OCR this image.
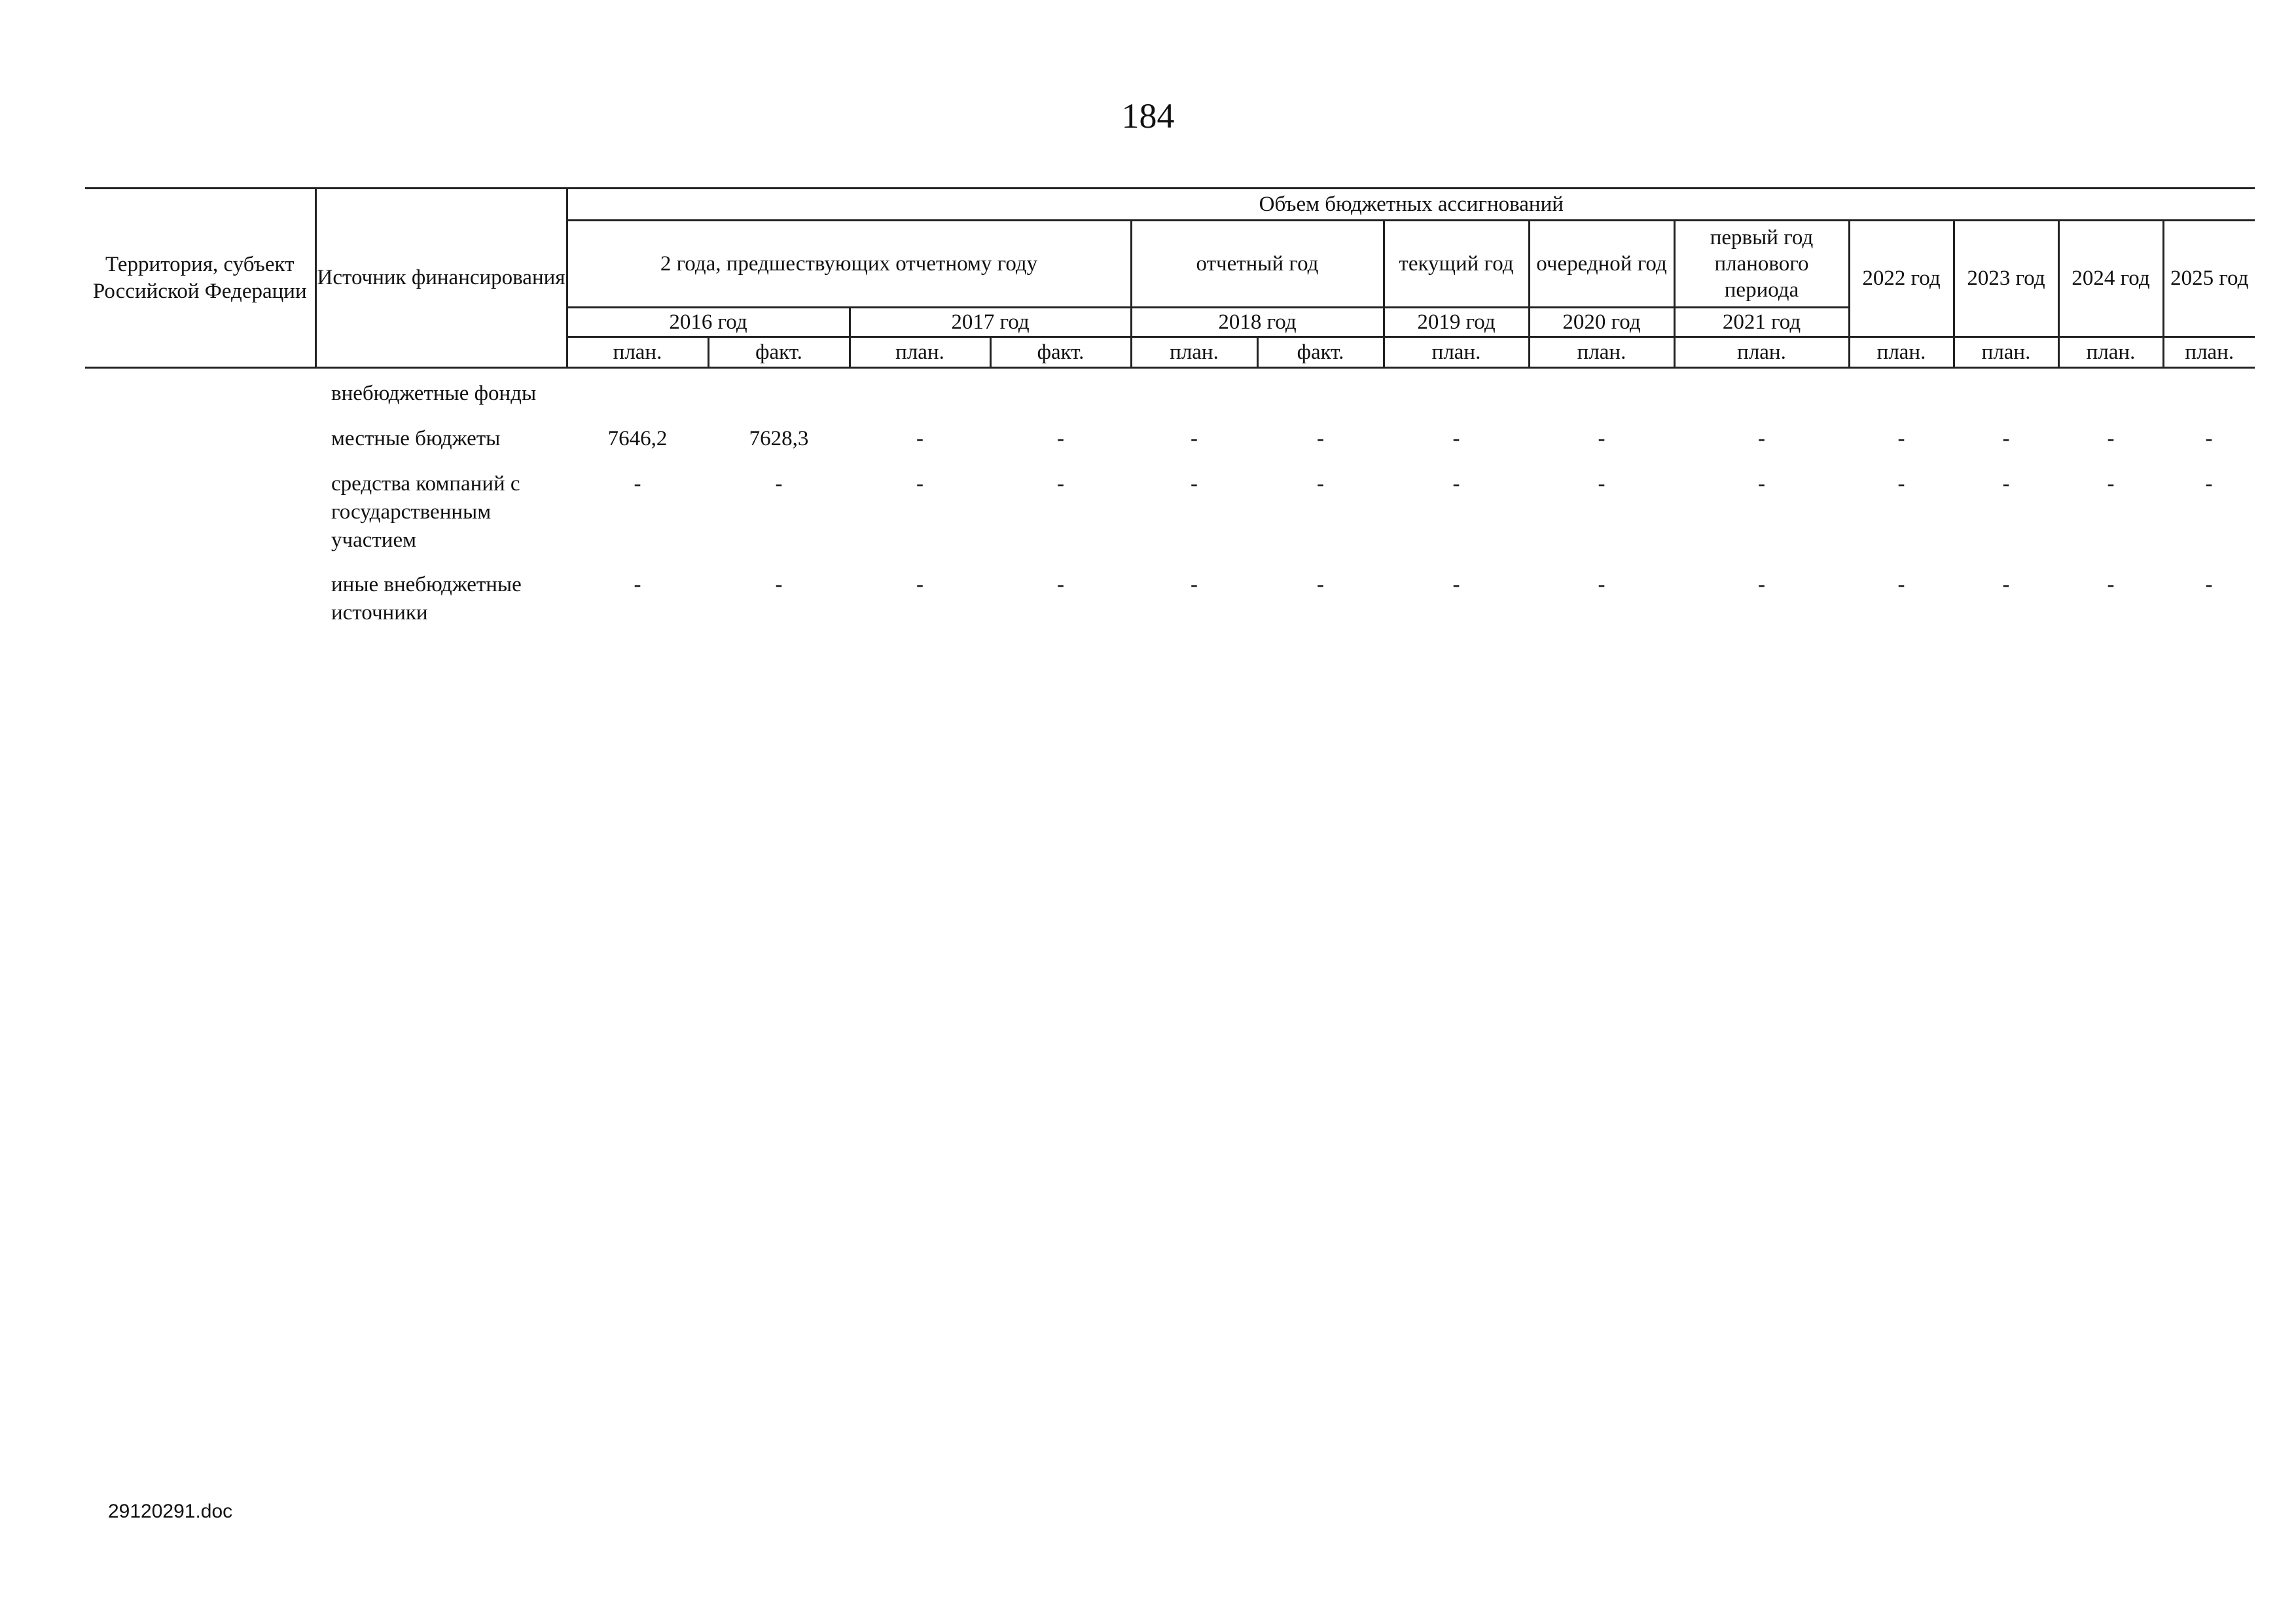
184
Территория, субъект Российской Федерации	Источник финансирования	Объем бюджетных ассигнований												
		2 года, предшествующих отчетному году				отчетный год		текущий год	очередной год	первый год планового периода	2022 год	2023 год	2024 год	2025 год
		2016 год		2017 год		2018 год		2019 год	2020 год	2021 год				
		план.	факт.	план.	факт.	план.	факт.	план.	план.	план.	план.	план.	план.	план.
	внебюджетные фонды													
	местные бюджеты	7646,2	7628,3	-	-	-	-	-	-	-	-	-	-	-
	средства компаний с государственным участием	-	-	-	-	-	-	-	-	-	-	-	-	-
	иные внебюджетные источники	-	-	-	-	-	-	-	-	-	-	-	-	-
29120291.doc
